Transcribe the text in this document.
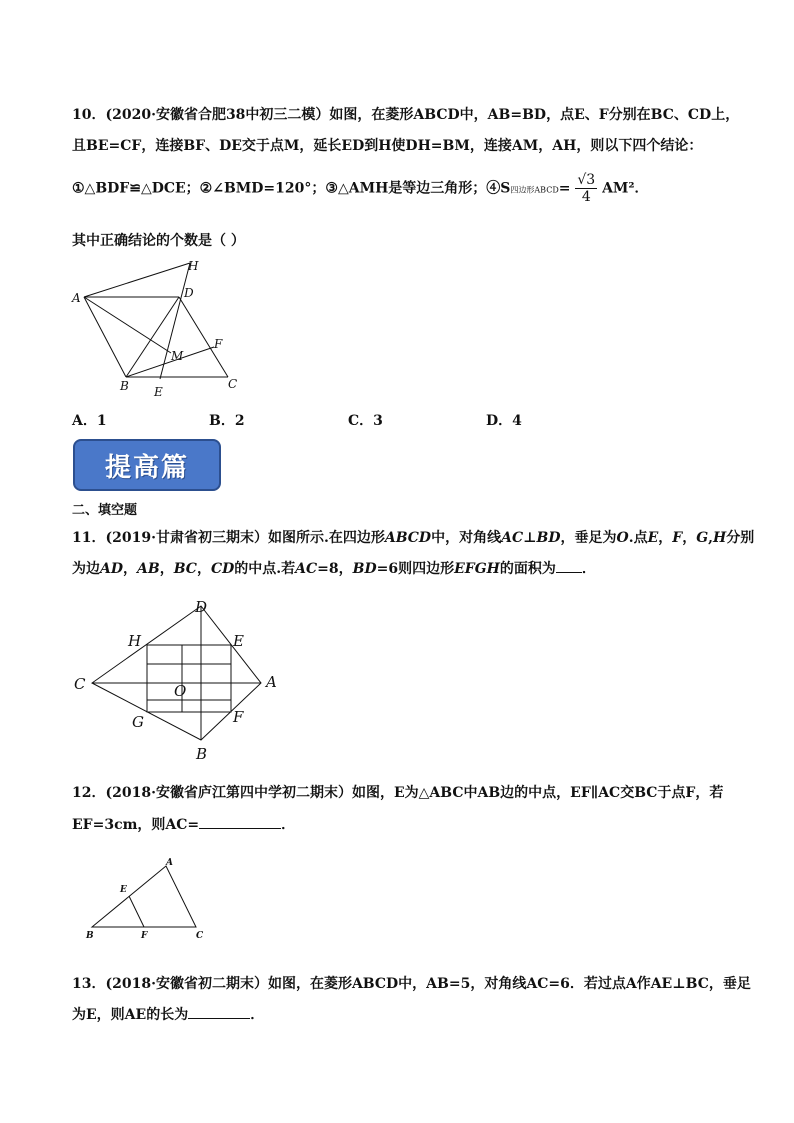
10．(2020·安徽省合肥38中初三二模）如图，在菱形ABCD中，AB=BD，点E、F分别在BC、CD上，
且BE=CF，连接BF、DE交于点M，延长ED到H使DH=BM，连接AM，AH，则以下四个结论：
①△BDF≌△DCE；②∠BMD=120°；③△AMH是等边三角形；④S四边形ABCD= $\frac{√3}{4} AM^2$．
其中正确结论的个数是（ ）
A
B	C
D
E
F
H
M
A．1	B．2	C．3	D．4
提高篇
二、填空题
11．(2019·甘肃省初三期末）如图所示.在四边形ABCD中，对角线AC⊥BD，垂足为O.点E，F，G,H分别
为边AD，AB，BC，CD的中点.若AC=8，BD=6则四边形EFGH的面积为 ．
A
B
C
D
E
F
G
H
O
12．(2018·安徽省庐江第四中学初二期末）如图，E为△ABC中AB边的中点，EF∥AC交BC于点F，若
EF=3cm，则AC=	．
B	C
A
E
F
13．(2018·安徽省初二期末）如图，在菱形ABCD中，AB=5，对角线AC=6．若过点A作AE⊥BC，垂足
为E，则AE的长为	．
